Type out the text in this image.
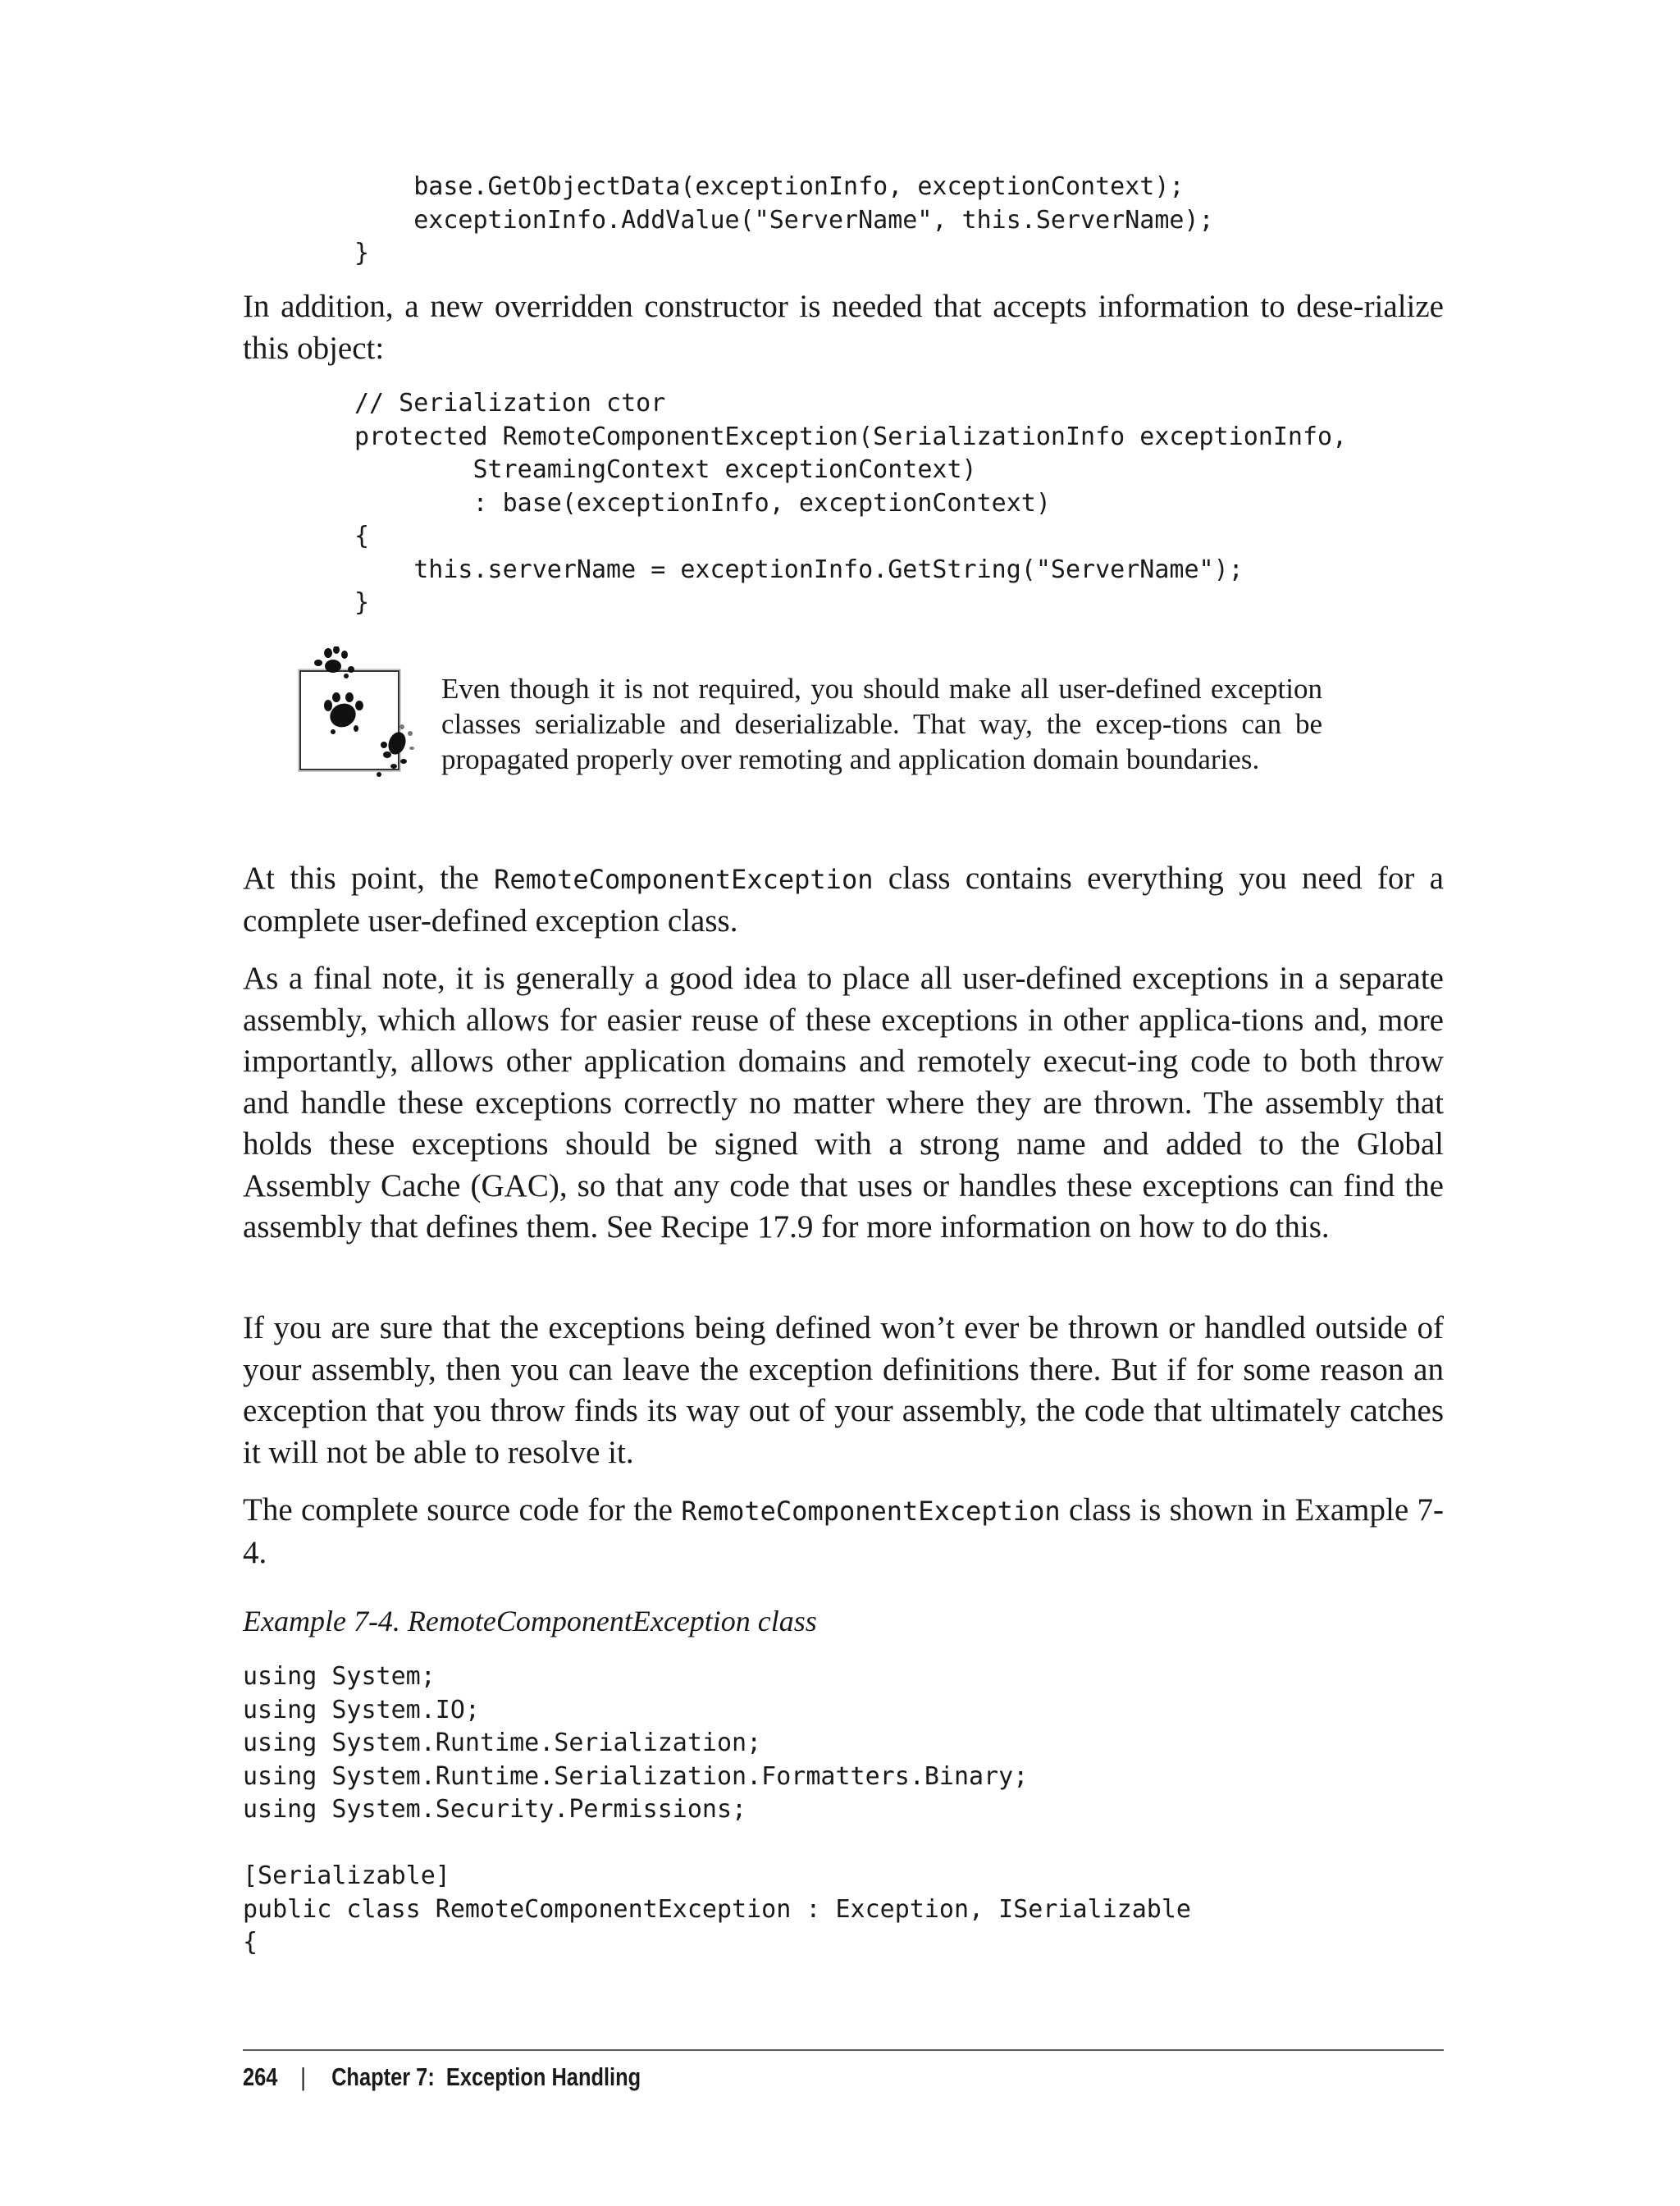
base.GetObjectData(exceptionInfo, exceptionContext);
exceptionInfo.AddValue("ServerName", this.ServerName);
}

In addition, a new overridden constructor is needed that accepts information to dese-rialize this object:

// Serialization ctor
protected RemoteComponentException(SerializationInfo exceptionInfo,
StreamingContext exceptionContext)
: base(exceptionInfo, exceptionContext)
{
this.serverName = exceptionInfo.GetString("ServerName");
}

Even though it is not required, you should make all user-defined exception classes serializable and deserializable. That way, the excep-tions can be propagated properly over remoting and application domain boundaries.

At this point, the RemoteComponentException class contains everything you need for a complete user-defined exception class.

As a final note, it is generally a good idea to place all user-defined exceptions in a separate assembly, which allows for easier reuse of these exceptions in other applica-tions and, more importantly, allows other application domains and remotely execut-ing code to both throw and handle these exceptions correctly no matter where they are thrown. The assembly that holds these exceptions should be signed with a strong name and added to the Global Assembly Cache (GAC), so that any code that uses or handles these exceptions can find the assembly that defines them. See Recipe 17.9 for more information on how to do this.

If you are sure that the exceptions being defined won’t ever be thrown or handled outside of your assembly, then you can leave the exception definitions there. But if for some reason an exception that you throw finds its way out of your assembly, the code that ultimately catches it will not be able to resolve it.

The complete source code for the RemoteComponentException class is shown in Example 7-4.

Example 7-4. RemoteComponentException class

using System;
using System.IO;
using System.Runtime.Serialization;
using System.Runtime.Serialization.Formatters.Binary;
using System.Security.Permissions;

[Serializable]
public class RemoteComponentException : Exception, ISerializable
{
264 | Chapter 7:  Exception Handling
